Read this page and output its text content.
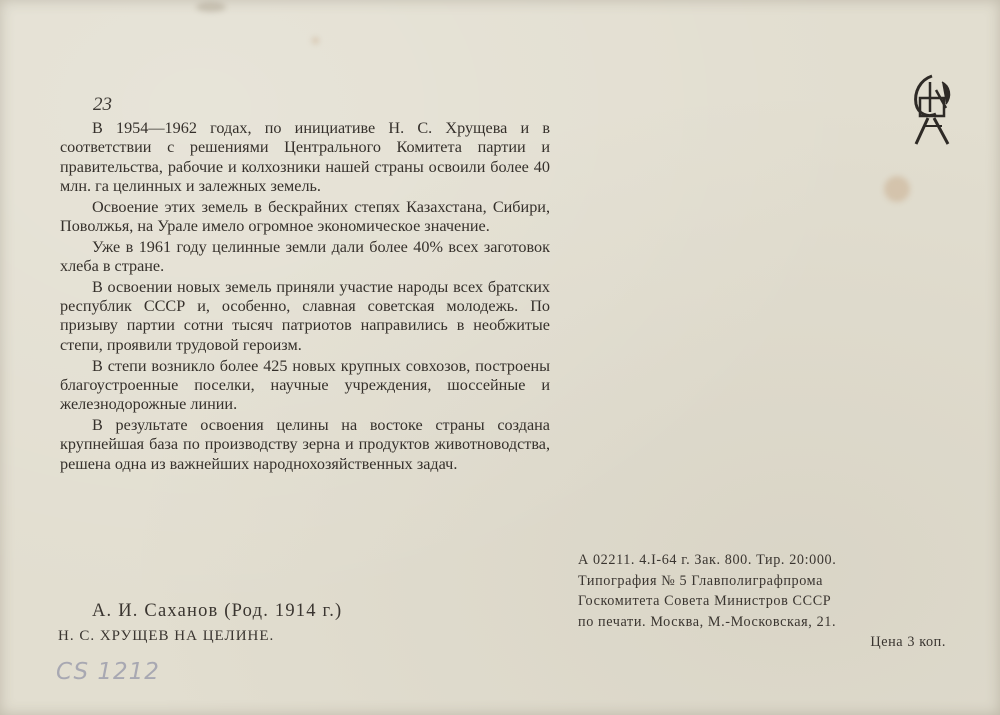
23

В 1954—1962 годах, по инициативе Н. С. Хрущева и в соответствии с решениями Центрального Комитета партии и правительства, рабочие и колхозники нашей страны освоили более 40 млн. га целинных и залежных земель.

Освоение этих земель в бескрайних степях Казахстана, Сибири, Поволжья, на Урале имело огромное экономическое значение.

Уже в 1961 году целинные земли дали более 40% всех заготовок хлеба в стране.

В освоении новых земель приняли участие народы всех братских республик СССР и, особенно, славная советская молодежь. По призыву партии сотни тысяч патриотов направились в необжитые степи, проявили трудовой героизм.

В степи возникло более 425 новых крупных совхозов, построены благоустроенные поселки, научные учреждения, шоссейные и железнодорожные линии.

В результате освоения целины на востоке страны создана крупнейшая база по производству зерна и продуктов животноводства, решена одна из важнейших народнохозяйственных задач.

А. И. Саханов (Род. 1914 г.)
Н. С. ХРУЩЕВ НА ЦЕЛИНЕ.
А 02211. 4.I-64 г. Зак. 800. Тир. 20:000.
Типография № 5 Главполиграфпрома
Госкомитета Совета Министров СССР
по печати. Москва, М.-Московская, 21.
Цена 3 коп.
CS 1212
